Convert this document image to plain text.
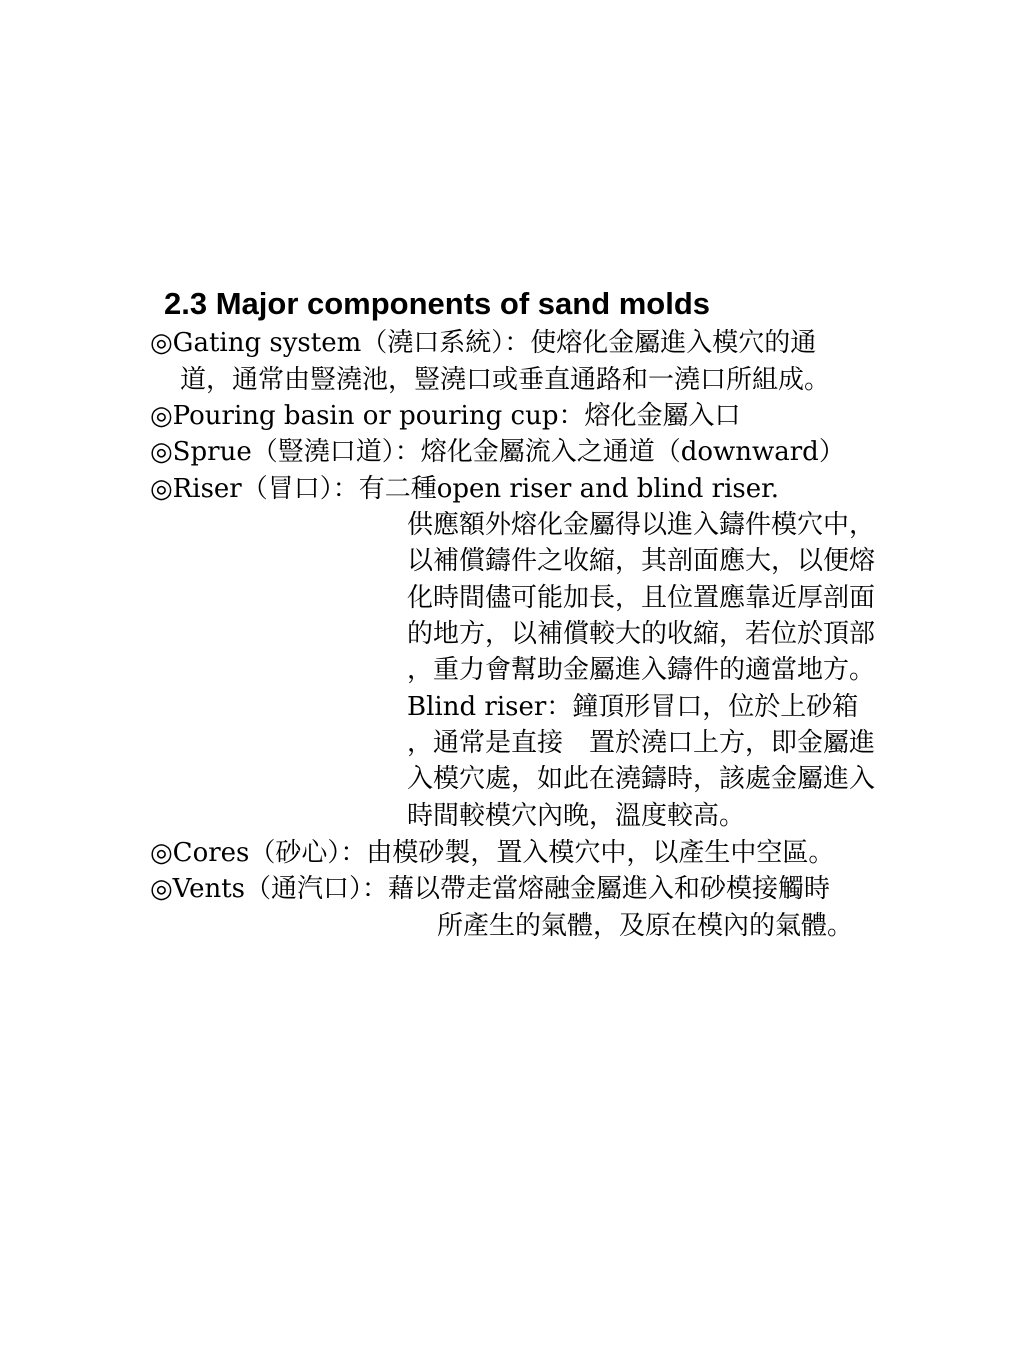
2.3 Major components of sand molds
◎Gating system（澆口系統）：使熔化金屬進入模穴的通
道，通常由豎澆池，豎澆口或垂直通路和一澆口所組成。
◎Pouring basin or pouring cup：熔化金屬入口
◎Sprue（豎澆口道）：熔化金屬流入之通道（downward）
◎Riser（冒口）：有二種open riser and blind riser.
供應額外熔化金屬得以進入鑄件模穴中，
以補償鑄件之收縮，其剖面應大，以便熔
化時間儘可能加長，且位置應靠近厚剖面
的地方，以補償較大的收縮，若位於頂部
，重力會幫助金屬進入鑄件的適當地方。
Blind riser：鐘頂形冒口，位於上砂箱
，通常是直接　置於澆口上方，即金屬進
入模穴處，如此在澆鑄時，該處金屬進入
時間較模穴內晚，溫度較高。
◎Cores（砂心）：由模砂製，置入模穴中，以產生中空區。
◎Vents（通汽口）：藉以帶走當熔融金屬進入和砂模接觸時
所產生的氣體，及原在模內的氣體。
